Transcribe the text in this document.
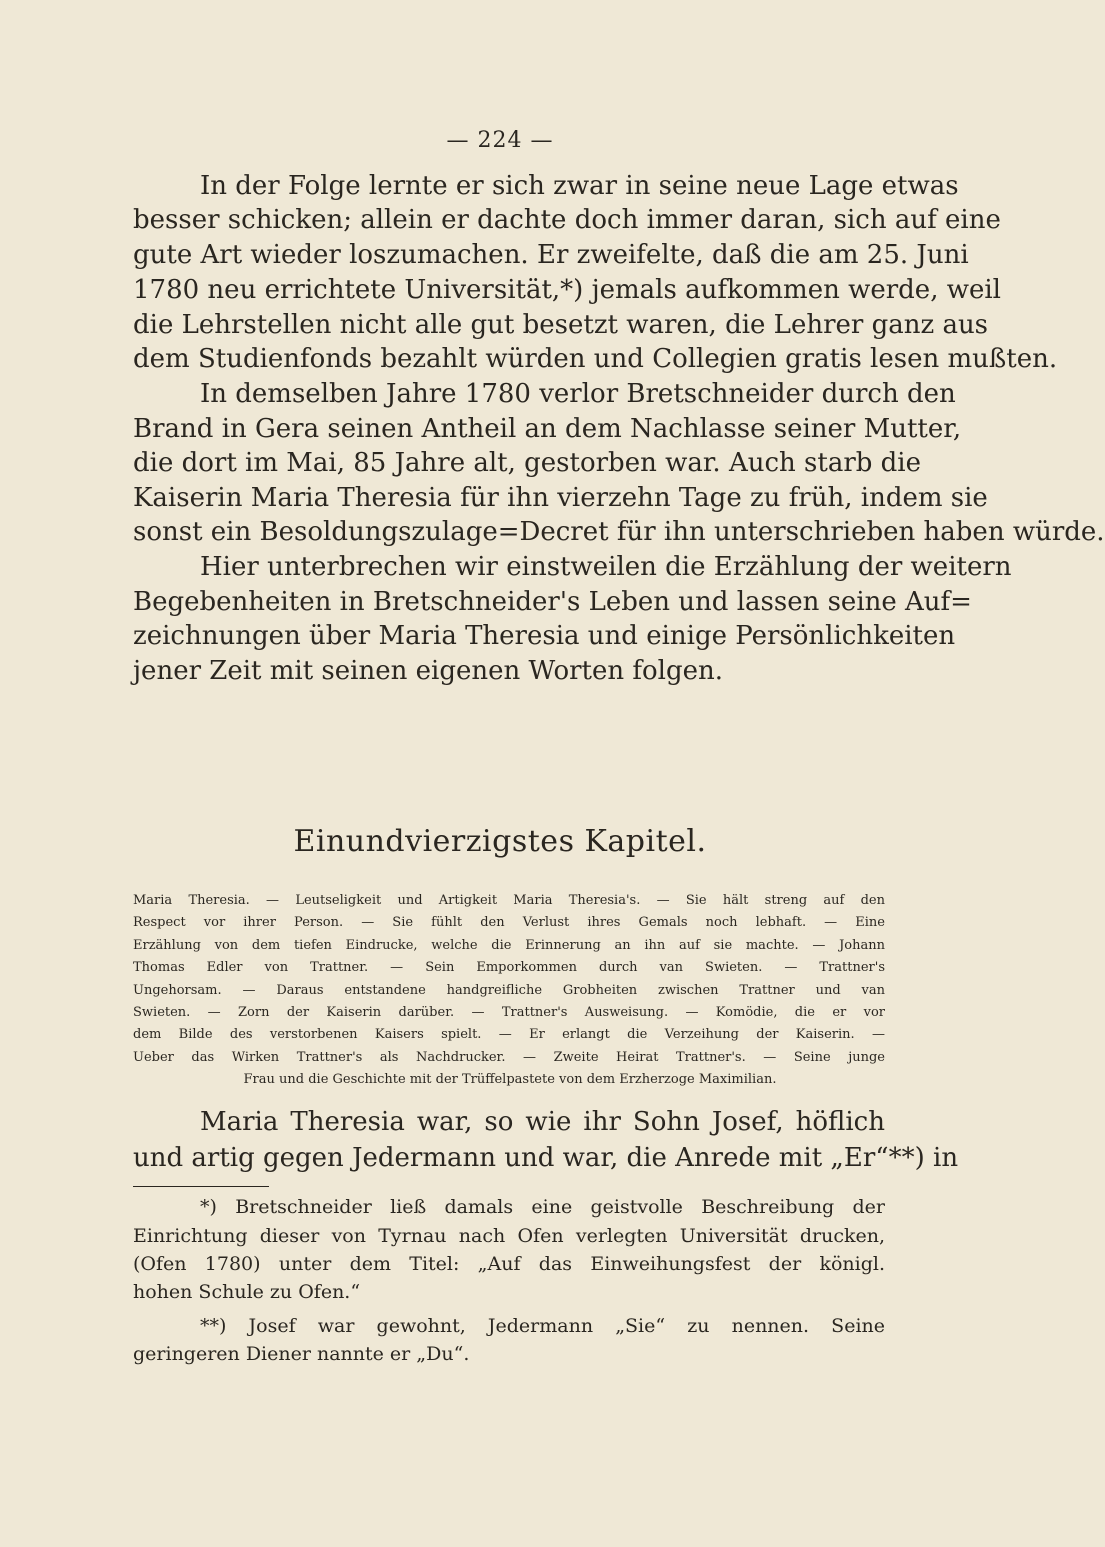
— 224 —
In der Folge lernte er sich zwar in seine neue Lage etwas
besser schicken; allein er dachte doch immer daran, sich auf eine
gute Art wieder loszumachen. Er zweifelte, daß die am 25. Juni
1780 neu errichtete Universität,*) jemals aufkommen werde, weil
die Lehrstellen nicht alle gut besetzt waren, die Lehrer ganz aus
dem Studienfonds bezahlt würden und Collegien gratis lesen mußten.
In demselben Jahre 1780 verlor Bretschneider durch den
Brand in Gera seinen Antheil an dem Nachlasse seiner Mutter,
die dort im Mai, 85 Jahre alt, gestorben war. Auch starb die
Kaiserin Maria Theresia für ihn vierzehn Tage zu früh, indem sie
sonst ein Besoldungszulage=Decret für ihn unterschrieben haben würde.
Hier unterbrechen wir einstweilen die Erzählung der weitern
Begebenheiten in Bretschneider's Leben und lassen seine Auf=
zeichnungen über Maria Theresia und einige Persönlichkeiten
jener Zeit mit seinen eigenen Worten folgen.
Einundvierzigstes Kapitel.
Maria Theresia. — Leutseligkeit und Artigkeit Maria Theresia's. — Sie hält streng auf den
Respect vor ihrer Person. — Sie fühlt den Verlust ihres Gemals noch lebhaft. — Eine
Erzählung von dem tiefen Eindrucke, welche die Erinnerung an ihn auf sie machte. — Johann
Thomas Edler von Trattner. — Sein Emporkommen durch van Swieten. — Trattner's
Ungehorsam. — Daraus entstandene handgreifliche Grobheiten zwischen Trattner und van
Swieten. — Zorn der Kaiserin darüber. — Trattner's Ausweisung. — Komödie, die er vor
dem Bilde des verstorbenen Kaisers spielt. — Er erlangt die Verzeihung der Kaiserin. —
Ueber das Wirken Trattner's als Nachdrucker. — Zweite Heirat Trattner's. — Seine junge
Frau und die Geschichte mit der Trüffelpastete von dem Erzherzoge Maximilian.
Maria Theresia war, so wie ihr Sohn Josef, höflich
und artig gegen Jedermann und war, die Anrede mit „Er“**) in
*) Bretschneider ließ damals eine geistvolle Beschreibung der
Einrichtung dieser von Tyrnau nach Ofen verlegten Universität drucken,
(Ofen 1780) unter dem Titel: „Auf das Einweihungsfest der königl.
hohen Schule zu Ofen.“
**) Josef war gewohnt, Jedermann „Sie“ zu nennen. Seine
geringeren Diener nannte er „Du“.
